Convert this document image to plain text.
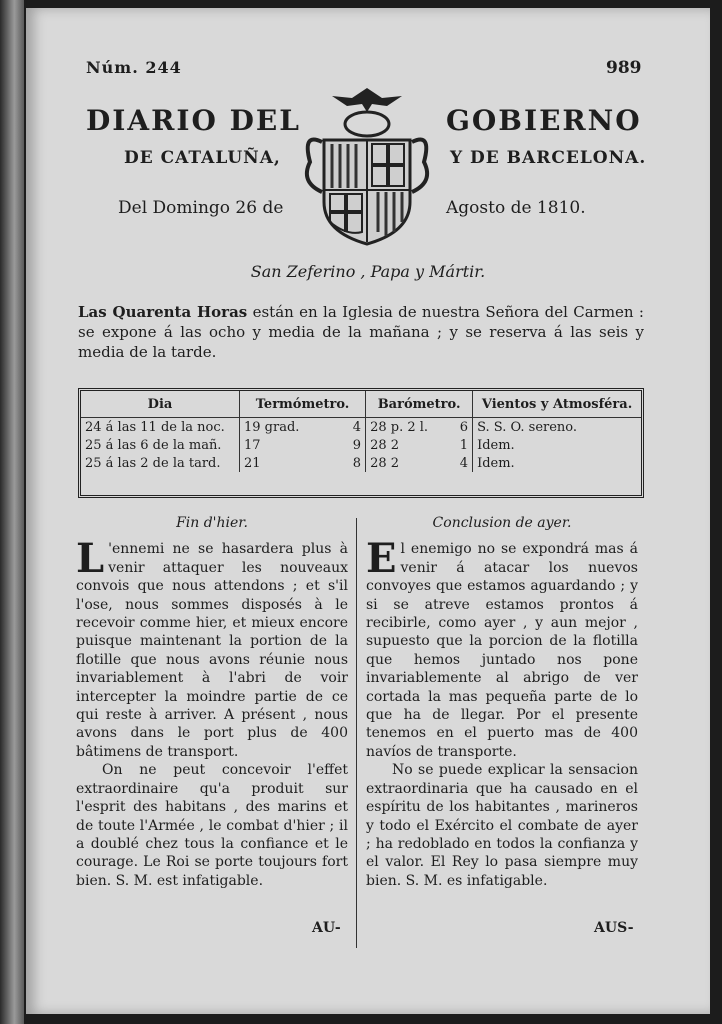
Núm. 244	989
DIARIO DEL	GOBIERNO
DE CATALUÑA,	Y DE BARCELONA.
Del Domingo 26 de	Agosto de 1810.
San Zeferino , Papa y Mártir.
Las Quarenta Horas están en la Iglesia de nuestra Señora del Carmen : se expone á las ocho y media de la mañana ; y se reserva á las seis y media de la tarde.
Dia	Termómetro.		Barómetro.		Vientos y Atmosféra.
24 á las 11 de la noc.	19 grad.	4	28 p. 2 l.	6	S. S. O. sereno.
25 á las 6 de la mañ.	17	9	28 2	1	Idem.
25 á las 2 de la tard.	21	8	28 2	4	Idem.
Fin d'hier.

L 'ennemi ne se hasardera plus à venir attaquer les nouveaux convois que nous attendons ; et s'il l'ose, nous sommes disposés à le recevoir comme hier, et mieux encore puisque maintenant la portion de la flotille que nous avons réunie nous invariablement à l'abri de voir intercepter la moindre partie de ce qui reste à arriver. A présent , nous avons dans le port plus de 400 bâtimens de transport.

On ne peut concevoir l'effet extraordinaire qu'a produit sur l'esprit des habitans , des marins et de toute l'Armée , le combat d'hier ; il a doublé chez tous la confiance et le courage. Le Roi se porte toujours fort bien. S. M. est infatigable.

Conclusion de ayer.

El enemigo no se expondrá mas á venir á atacar los nuevos convoyes que estamos aguardando ; y si se atreve estamos prontos á recibirle, como ayer , y aun mejor , supuesto que la porcion de la flotilla que hemos juntado nos pone invariablemente al abrigo de ver cortada la mas pequeña parte de lo que ha de llegar. Por el presente tenemos en el puerto mas de 400 navíos de transporte.

No se puede explicar la sensacion extraordinaria que ha causado en el espíritu de los habitantes , marineros y todo el Exército el combate de ayer ; ha redoblado en todos la confianza y el valor. El Rey lo pasa siempre muy bien. S. M. es infatigable.

AU-	AUS-
